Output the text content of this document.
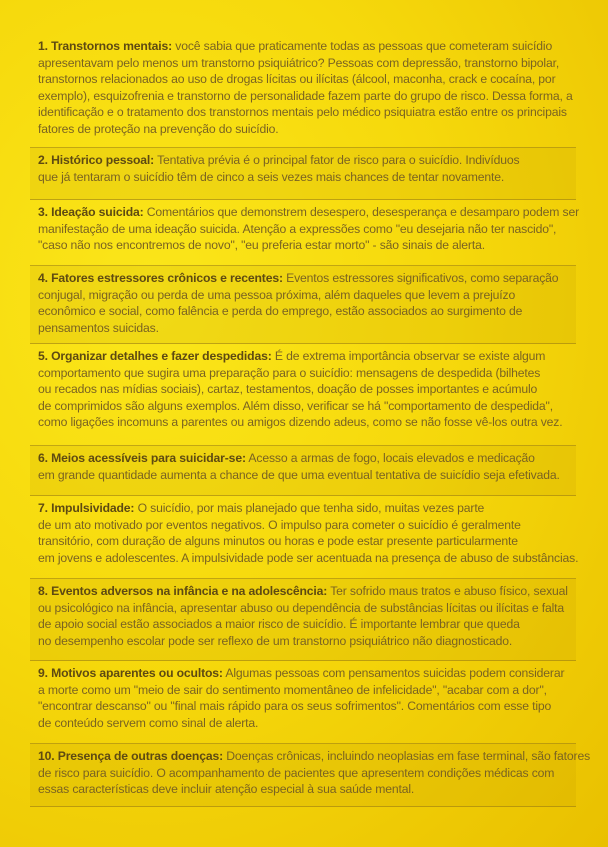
1. Transtornos mentais: você sabia que praticamente todas as pessoas que cometeram suicídio
apresentavam pelo menos um transtorno psiquiátrico? Pessoas com depressão, transtorno bipolar,
transtornos relacionados ao uso de drogas lícitas ou ilícitas (álcool, maconha, crack e cocaína, por
exemplo), esquizofrenia e transtorno de personalidade fazem parte do grupo de risco. Dessa forma, a
identificação e o tratamento dos transtornos mentais pelo médico psiquiatra estão entre os principais
fatores de proteção na prevenção do suicídio.
2. Histórico pessoal: Tentativa prévia é o principal fator de risco para o suicídio. Indivíduos
que já tentaram o suicídio têm de cinco a seis vezes mais chances de tentar novamente.
3. Ideação suicida: Comentários que demonstrem desespero, desesperança e desamparo podem ser
manifestação de uma ideação suicida. Atenção a expressões como "eu desejaria não ter nascido",
"caso não nos encontremos de novo", "eu preferia estar morto" - são sinais de alerta.
4. Fatores estressores crônicos e recentes: Eventos estressores significativos, como separação
conjugal, migração ou perda de uma pessoa próxima, além daqueles que levem a prejuízo
econômico e social, como falência e perda do emprego, estão associados ao surgimento de
pensamentos suicidas.
5. Organizar detalhes e fazer despedidas: É de extrema importância observar se existe algum
comportamento que sugira uma preparação para o suicídio: mensagens de despedida (bilhetes
ou recados nas mídias sociais), cartaz, testamentos, doação de posses importantes e acúmulo
de comprimidos são alguns exemplos. Além disso, verificar se há "comportamento de despedida",
como ligações incomuns a parentes ou amigos dizendo adeus, como se não fosse vê-los outra vez.
6. Meios acessíveis para suicidar-se: Acesso a armas de fogo, locais elevados e medicação
em grande quantidade aumenta a chance de que uma eventual tentativa de suicídio seja efetivada.
7. Impulsividade: O suicídio, por mais planejado que tenha sido, muitas vezes parte
de um ato motivado por eventos negativos. O impulso para cometer o suicídio é geralmente
transitório, com duração de alguns minutos ou horas e pode estar presente particularmente
em jovens e adolescentes. A impulsividade pode ser acentuada na presença de abuso de substâncias.
8. Eventos adversos na infância e na adolescência: Ter sofrido maus tratos e abuso físico, sexual
ou psicológico na infância, apresentar abuso ou dependência de substâncias lícitas ou ilícitas e falta
de apoio social estão associados a maior risco de suicídio. É importante lembrar que queda
no desempenho escolar pode ser reflexo de um transtorno psiquiátrico não diagnosticado.
9. Motivos aparentes ou ocultos: Algumas pessoas com pensamentos suicidas podem considerar
a morte como um "meio de sair do sentimento momentâneo de infelicidade", "acabar com a dor",
"encontrar descanso" ou "final mais rápido para os seus sofrimentos". Comentários com esse tipo
de conteúdo servem como sinal de alerta.
10. Presença de outras doenças: Doenças crônicas, incluindo neoplasias em fase terminal, são fatores
de risco para suicídio. O acompanhamento de pacientes que apresentem condições médicas com
essas características deve incluir atenção especial à sua saúde mental.
